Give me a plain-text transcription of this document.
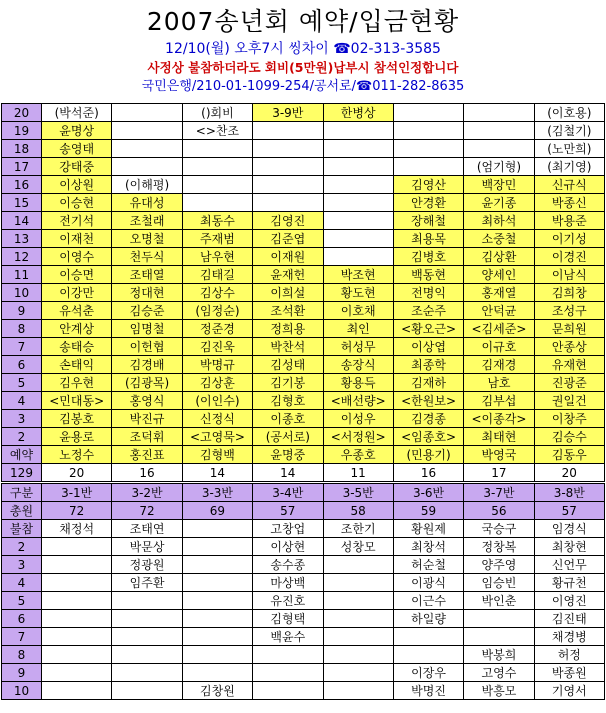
2007송년회 예약/입금현황
12/10(월) 오후7시 씽차이 ☎02-313-3585
사정상 불참하더라도 회비(5만원)납부시 참석인정합니다
국민은행/210-01-1099-254/공서로/☎011-282-8635
20	(박석준)		()회비	3-9반	한병상			(이호용)
19	윤명상		<>찬조					(김철기)
18	송영태							(노만희)
17	강태중						(엄기형)	(최기영)
16	이상원	(이해평)				김영산	백장민	신규식
15	이승현	유대성				안경환	윤기종	박종신
14	전기석	조철래	최동수	김영진		장해철	최하석	박용준
13	이재천	오명철	주재범	김준엽		최용목	소중철	이기성
12	이영수	천두식	남우현	이재원		김병호	김상환	이경진
11	이승면	조태열	김태길	윤재헌	박조현	백동현	양세인	이남식
10	이강만	정대현	김상수	이희설	황도현	전명익	홍재열	김희창
9	유석춘	김승준	(임정순)	조석환	이호채	조순주	안덕균	조성구
8	안계상	임명철	정준경	정희용	최인	<황오근>	<김세준>	문희원
7	송태승	이헌협	김진욱	박찬석	허성무	이상엽	이규호	안종상
6	손태익	김경배	박명규	김성태	송장식	최종학	김재경	유재현
5	김우현	(김광목)	김상훈	김기봉	황용득	김재하	남호	진광준
4	<민대동>	홍영식	(이인수)	김형호	<배선량>	<한원보>	김부섭	권일건
3	김봉호	박진규	신정식	이종호	이성우	김경종	<이종각>	이창주
2	윤용로	조덕휘	<고영묵>	(공서로)	<서정원>	<임종호>	최태현	김승수
예약	노정수	홍진표	김형백	윤명중	우종호	(민용기)	박영국	김동우
129	20	16	14	14	11	16	17	20

구분	3-1반	3-2반	3-3반	3-4반	3-5반	3-6반	3-7반	3-8반
총원	72	72	69	57	58	59	56	57
불참	채정석	조태연		고창업	조한기	황원제	국승구	임경식
2		박문상		이상현	성창모	최창석	정창복	최창현
3		정광원		송수종		허순철	양주영	신언무
4		임주환		마상백		이광식	임승빈	황규천
5				유진호		이근수	박인춘	이영진
6				김형택		하일량		김진태
7				백윤수				채경병
8							박봉희	허정
9						이장우	고영수	박종원
10			김창원			박명진	박흥모	기영서
